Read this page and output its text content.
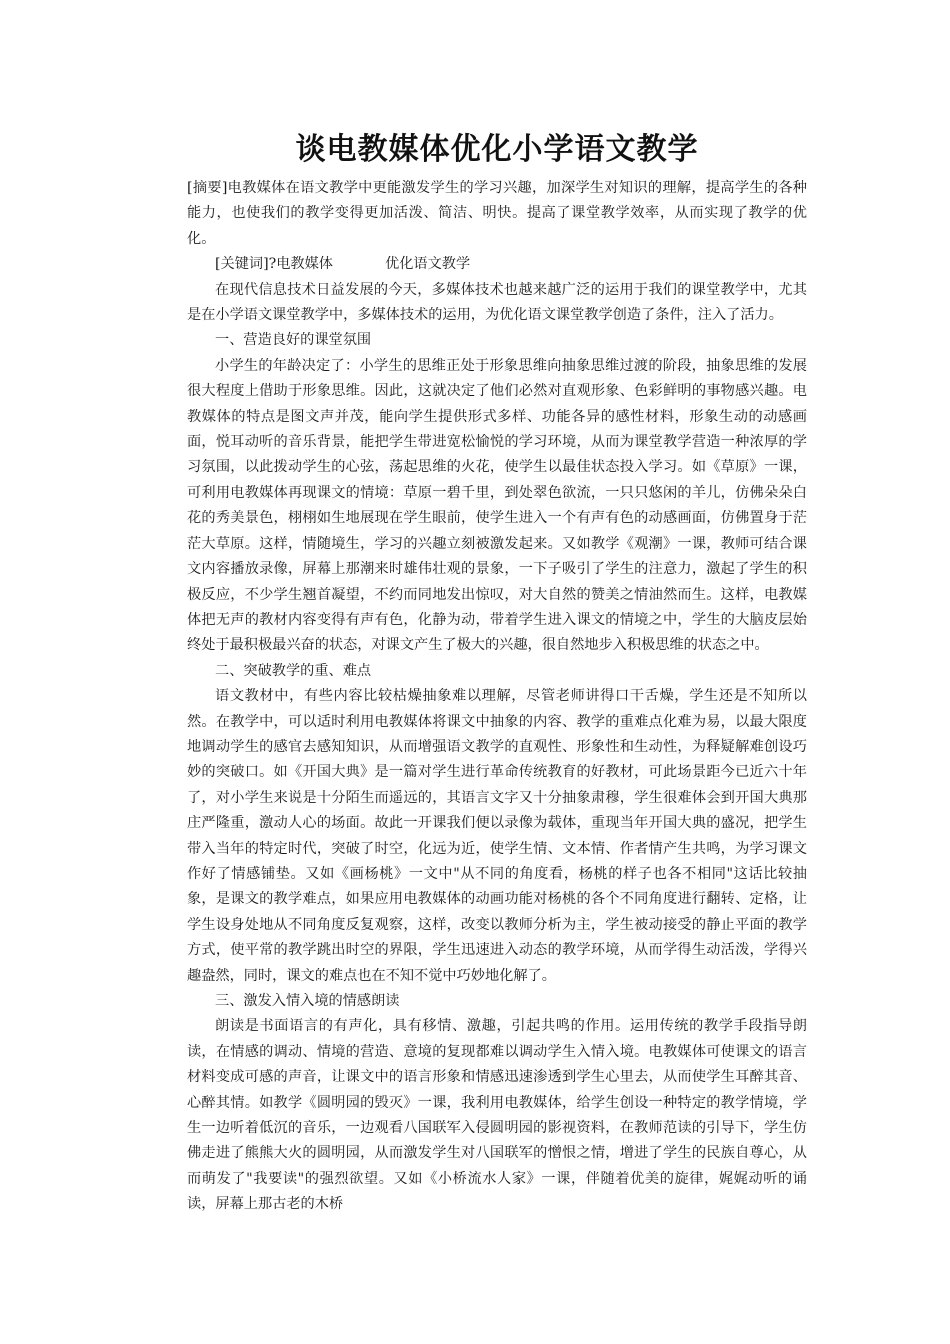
谈电教媒体优化小学语文教学

[摘要]电教媒体在语文教学中更能激发学生的学习兴趣，加深学生对知识的理解，提高学生的各种能力，也使我们的教学变得更加活泼、简洁、明快。提高了课堂教学效率，从而实现了教学的优化。

[关键词]?电教媒体	优化语文教学

在现代信息技术日益发展的今天，多媒体技术也越来越广泛的运用于我们的课堂教学中，尤其是在小学语文课堂教学中，多媒体技术的运用，为优化语文课堂教学创造了条件，注入了活力。

一、营造良好的课堂氛围

小学生的年龄决定了：小学生的思维正处于形象思维向抽象思维过渡的阶段，抽象思维的发展很大程度上借助于形象思维。因此，这就决定了他们必然对直观形象、色彩鲜明的事物感兴趣。电教媒体的特点是图文声并茂，能向学生提供形式多样、功能各异的感性材料，形象生动的动感画面，悦耳动听的音乐背景，能把学生带进宽松愉悦的学习环境，从而为课堂教学营造一种浓厚的学习氛围，以此拨动学生的心弦，荡起思维的火花，使学生以最佳状态投入学习。如《草原》一课，可利用电教媒体再现课文的情境：草原一碧千里，到处翠色欲流，一只只悠闲的羊儿，仿佛朵朵白花的秀美景色，栩栩如生地展现在学生眼前，使学生进入一个有声有色的动感画面，仿佛置身于茫茫大草原。这样，情随境生，学习的兴趣立刻被激发起来。又如教学《观潮》一课，教师可结合课文内容播放录像，屏幕上那潮来时雄伟壮观的景象，一下子吸引了学生的注意力，激起了学生的积极反应，不少学生翘首凝望，不约而同地发出惊叹，对大自然的赞美之情油然而生。这样，电教媒体把无声的教材内容变得有声有色，化静为动，带着学生进入课文的情境之中，学生的大脑皮层始终处于最积极最兴奋的状态，对课文产生了极大的兴趣，很自然地步入积极思维的状态之中。

二、突破教学的重、难点

语文教材中，有些内容比较枯燥抽象难以理解，尽管老师讲得口干舌燥，学生还是不知所以然。在教学中，可以适时利用电教媒体将课文中抽象的内容、教学的重难点化难为易，以最大限度地调动学生的感官去感知知识，从而增强语文教学的直观性、形象性和生动性，为释疑解难创设巧妙的突破口。如《开国大典》是一篇对学生进行革命传统教育的好教材，可此场景距今已近六十年了，对小学生来说是十分陌生而遥远的，其语言文字又十分抽象肃穆，学生很难体会到开国大典那庄严隆重，激动人心的场面。故此一开课我们便以录像为载体，重现当年开国大典的盛况，把学生带入当年的特定时代，突破了时空，化远为近，使学生情、文本情、作者情产生共鸣，为学习课文作好了情感铺垫。又如《画杨桃》一文中"从不同的角度看，杨桃的样子也各不相同"这话比较抽象，是课文的教学难点，如果应用电教媒体的动画功能对杨桃的各个不同角度进行翻转、定格，让学生设身处地从不同角度反复观察，这样，改变以教师分析为主，学生被动接受的静止平面的教学方式，使平常的教学跳出时空的界限，学生迅速进入动态的教学环境，从而学得生动活泼，学得兴趣盎然，同时，课文的难点也在不知不觉中巧妙地化解了。

三、激发入情入境的情感朗读

朗读是书面语言的有声化，具有移情、激趣，引起共鸣的作用。运用传统的教学手段指导朗读，在情感的调动、情境的营造、意境的复现都难以调动学生入情入境。电教媒体可使课文的语言材料变成可感的声音，让课文中的语言形象和情感迅速渗透到学生心里去，从而使学生耳醉其音、心醉其情。如教学《圆明园的毁灭》一课，我利用电教媒体，给学生创设一种特定的教学情境，学生一边听着低沉的音乐，一边观看八国联军入侵圆明园的影视资料，在教师范读的引导下，学生仿佛走进了熊熊大火的圆明园，从而激发学生对八国联军的憎恨之情，增进了学生的民族自尊心，从而萌发了"我要读"的强烈欲望。又如《小桥流水人家》一课，伴随着优美的旋律，娓娓动听的诵读，屏幕上那古老的木桥
